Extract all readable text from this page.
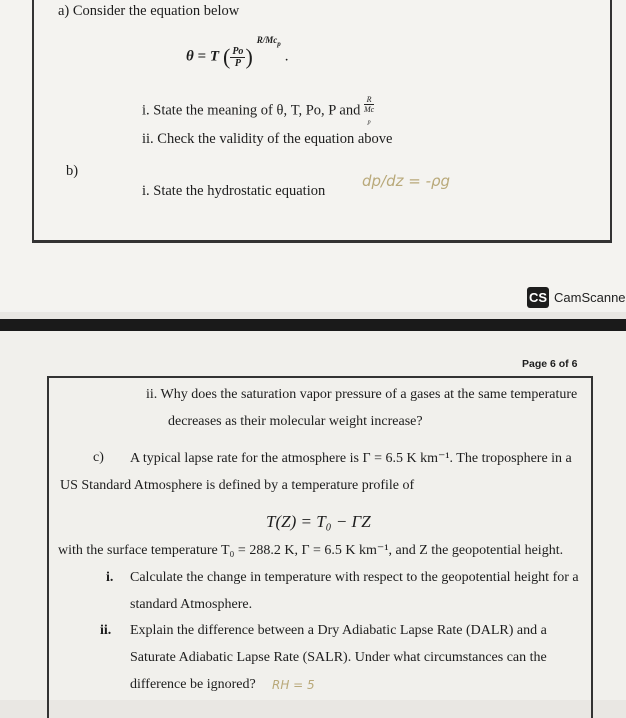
a) Consider the equation below
θ = T ( $\frac{Po}{P}$ ) $^{R/Mc_p}$ .
i. State the meaning of θ, T, Po, P and R
Mc
$_p$
ii. Check the validity of the equation above
b)
i. State the hydrostatic equation
dp/dz = -ρg
CS CamScanne
Page 6 of 6
ii. Why does the saturation vapor pressure of a gases at the same temperature
decreases as their molecular weight increase?
c) A typical lapse rate for the atmosphere is Γ = 6.5 K km⁻¹. The troposphere in a
US Standard Atmosphere is defined by a temperature profile of
T(Z) = T₀ − ΓZ
with the surface temperature T₀ = 288.2 K, Γ = 6.5 K km⁻¹, and Z the geopotential height.
i. Calculate the change in temperature with respect to the geopotential height for a
standard Atmosphere.
ii. Explain the difference between a Dry Adiabatic Lapse Rate (DALR) and a
Saturate Adiabatic Lapse Rate (SALR). Under what circumstances can the
difference be ignored? RH = 5
